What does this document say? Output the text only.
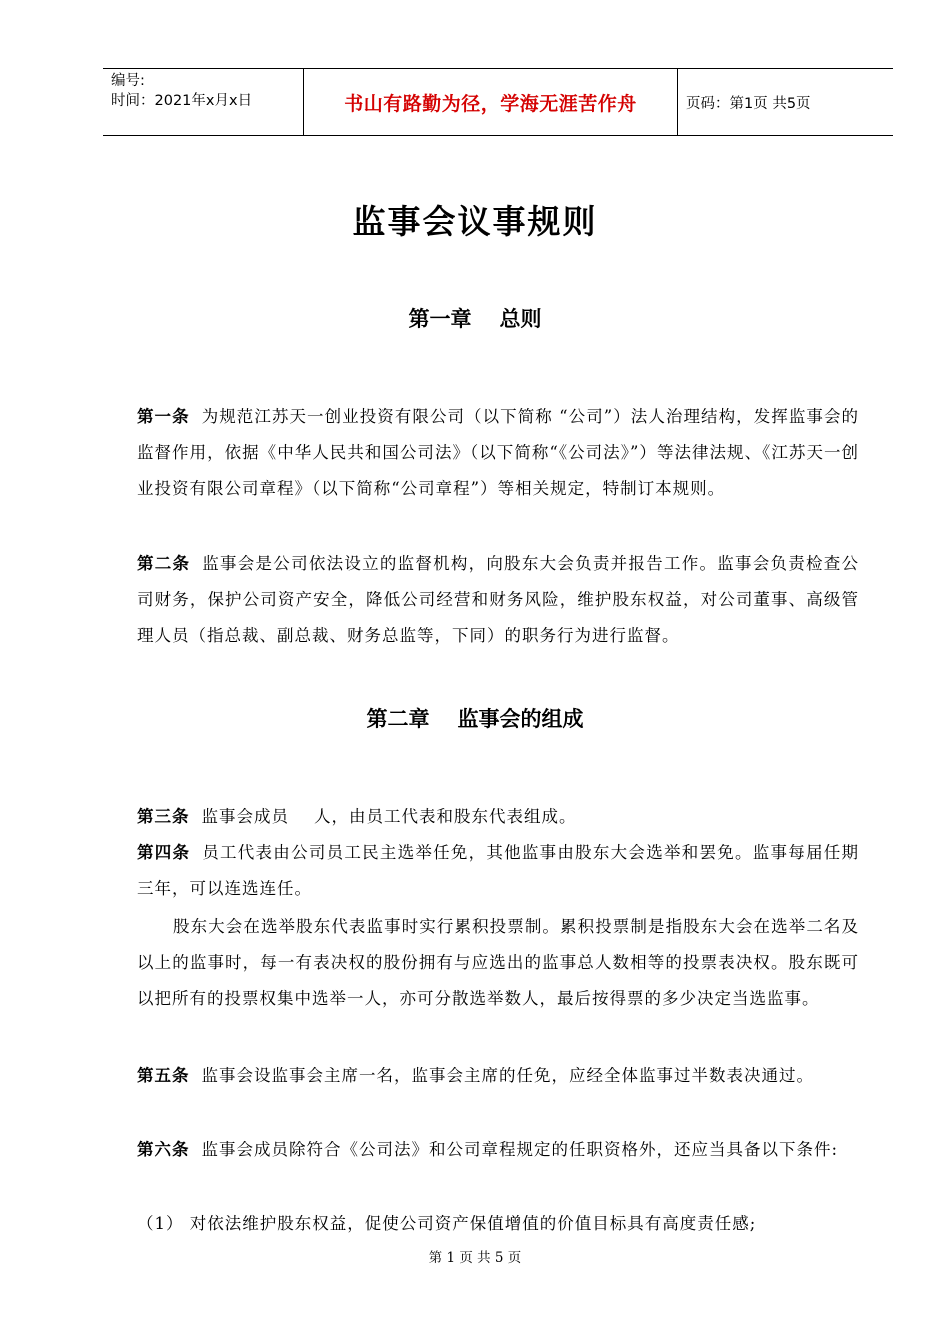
编号:
时间：2021年x月x日	书山有路勤为径，学海无涯苦作舟	页码：第1页 共5页
监事会议事规则
第一章 总则
第一条 为规范江苏天一创业投资有限公司（以下简称 “公司”）法人治理结构，发挥监事会的监督作用，依据《中华人民共和国公司法》（以下简称“《公司法》”）等法律法规、《江苏天一创业投资有限公司章程》（以下简称“公司章程”）等相关规定，特制订本规则。
第二条 监事会是公司依法设立的监督机构，向股东大会负责并报告工作。监事会负责检查公司财务，保护公司资产安全，降低公司经营和财务风险，维护股东权益，对公司董事、高级管理人员（指总裁、副总裁、财务总监等，下同）的职务行为进行监督。
第二章 监事会的组成
第三条 监事会成员    人，由员工代表和股东代表组成。
第四条 员工代表由公司员工民主选举任免，其他监事由股东大会选举和罢免。监事每届任期三年，可以连选连任。
股东大会在选举股东代表监事时实行累积投票制。累积投票制是指股东大会在选举二名及以上的监事时，每一有表决权的股份拥有与应选出的监事总人数相等的投票表决权。股东既可以把所有的投票权集中选举一人，亦可分散选举数人，最后按得票的多少决定当选监事。
第五条 监事会设监事会主席一名，监事会主席的任免，应经全体监事过半数表决通过。
第六条 监事会成员除符合《公司法》和公司章程规定的任职资格外，还应当具备以下条件:
（1） 对依法维护股东权益，促使公司资产保值增值的价值目标具有高度责任感;
第 1 页 共 5 页
